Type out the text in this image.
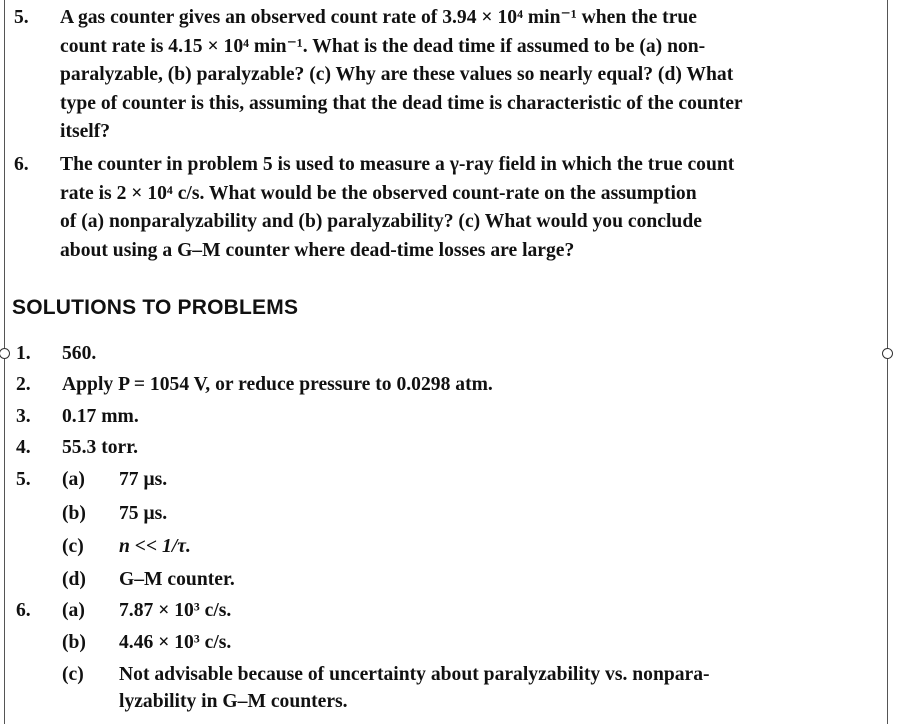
5.	A gas counter gives an observed count rate of 3.94 × 10⁴ min⁻¹ when the true
count rate is 4.15 × 10⁴ min⁻¹. What is the dead time if assumed to be (a) non-
paralyzable, (b) paralyzable? (c) Why are these values so nearly equal? (d) What
type of counter is this, assuming that the dead time is characteristic of the counter
itself?
6.	The counter in problem 5 is used to measure a γ-ray field in which the true count
rate is 2 × 10⁴ c/s. What would be the observed count-rate on the assumption
of (a) nonparalyzability and (b) paralyzability? (c) What would you conclude
about using a G–M counter where dead-time losses are large?
SOLUTIONS TO PROBLEMS
1. 560.
2. Apply P = 1054 V, or reduce pressure to 0.0298 atm.
3. 0.17 mm.
4. 55.3 torr.
5. (a) 77 μs.
(b) 75 μs.
(c) n << 1/τ.
(d) G–M counter.
6. (a) 7.87 × 10³ c/s.
(b) 4.46 × 10³ c/s.
(c) Not advisable because of uncertainty about paralyzability vs. nonpara-
lyzability in G–M counters.
